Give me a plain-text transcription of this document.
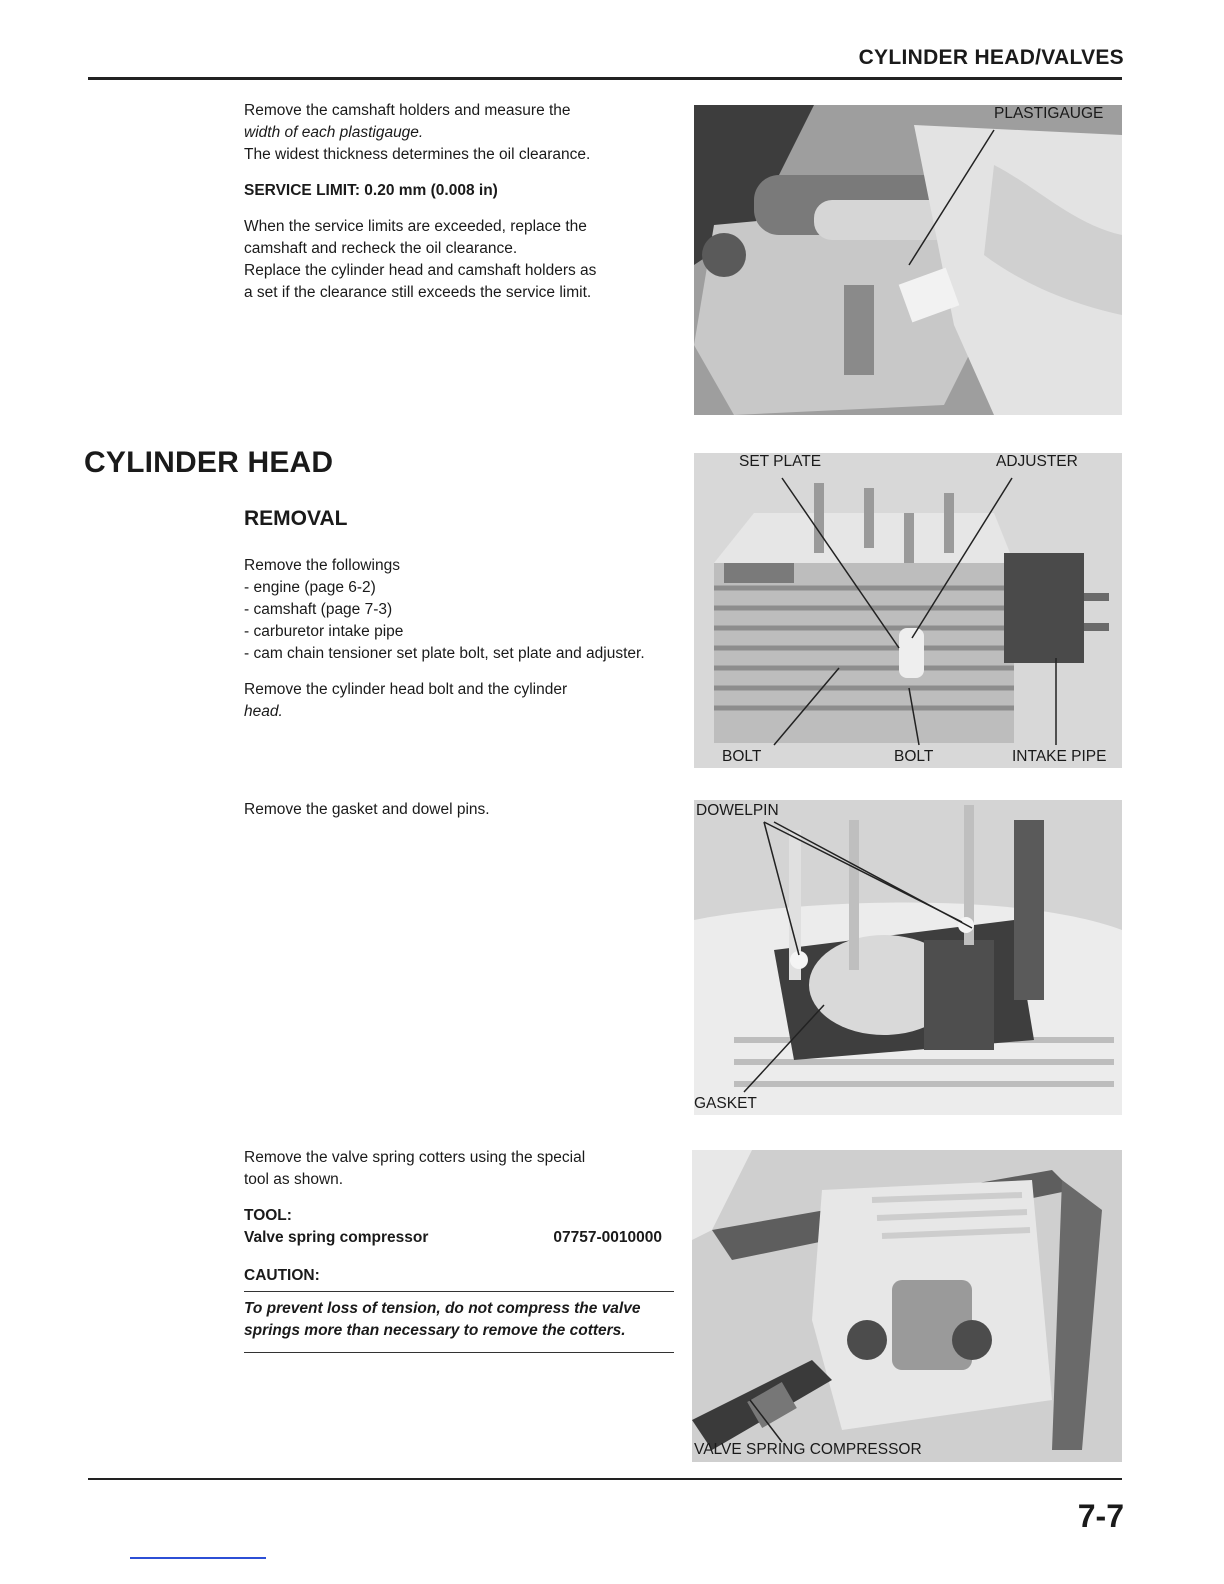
CYLINDER HEAD/VALVES

Remove the camshaft holders and measure the

width of each plastigauge.

The widest thickness determines the oil clearance.

SERVICE LIMIT: 0.20 mm (0.008 in)

When the service limits are exceeded, replace the

camshaft and recheck the oil clearance.

Replace the cylinder head and camshaft holders as

a set if the clearance still exceeds the service limit.

CYLINDER HEAD
REMOVAL

Remove the followings

- engine (page 6-2)

- camshaft (page 7-3)

- carburetor intake pipe

- cam chain tensioner set plate bolt, set plate and adjuster.

Remove the cylinder head bolt and the cylinder

head.

Remove the gasket and dowel pins.

Remove the valve spring cotters using the special

tool as shown.

TOOL:

Valve spring compressor	07757-0010000

CAUTION:

To prevent loss of tension, do not compress the valve springs more than necessary to remove the cotters.

PLASTIGAUGE
SET PLATE	ADJUSTER
BOLT	BOLT	INTAKE PIPE
DOWELPIN
GASKET
VALVE SPRING COMPRESSOR
7-7
